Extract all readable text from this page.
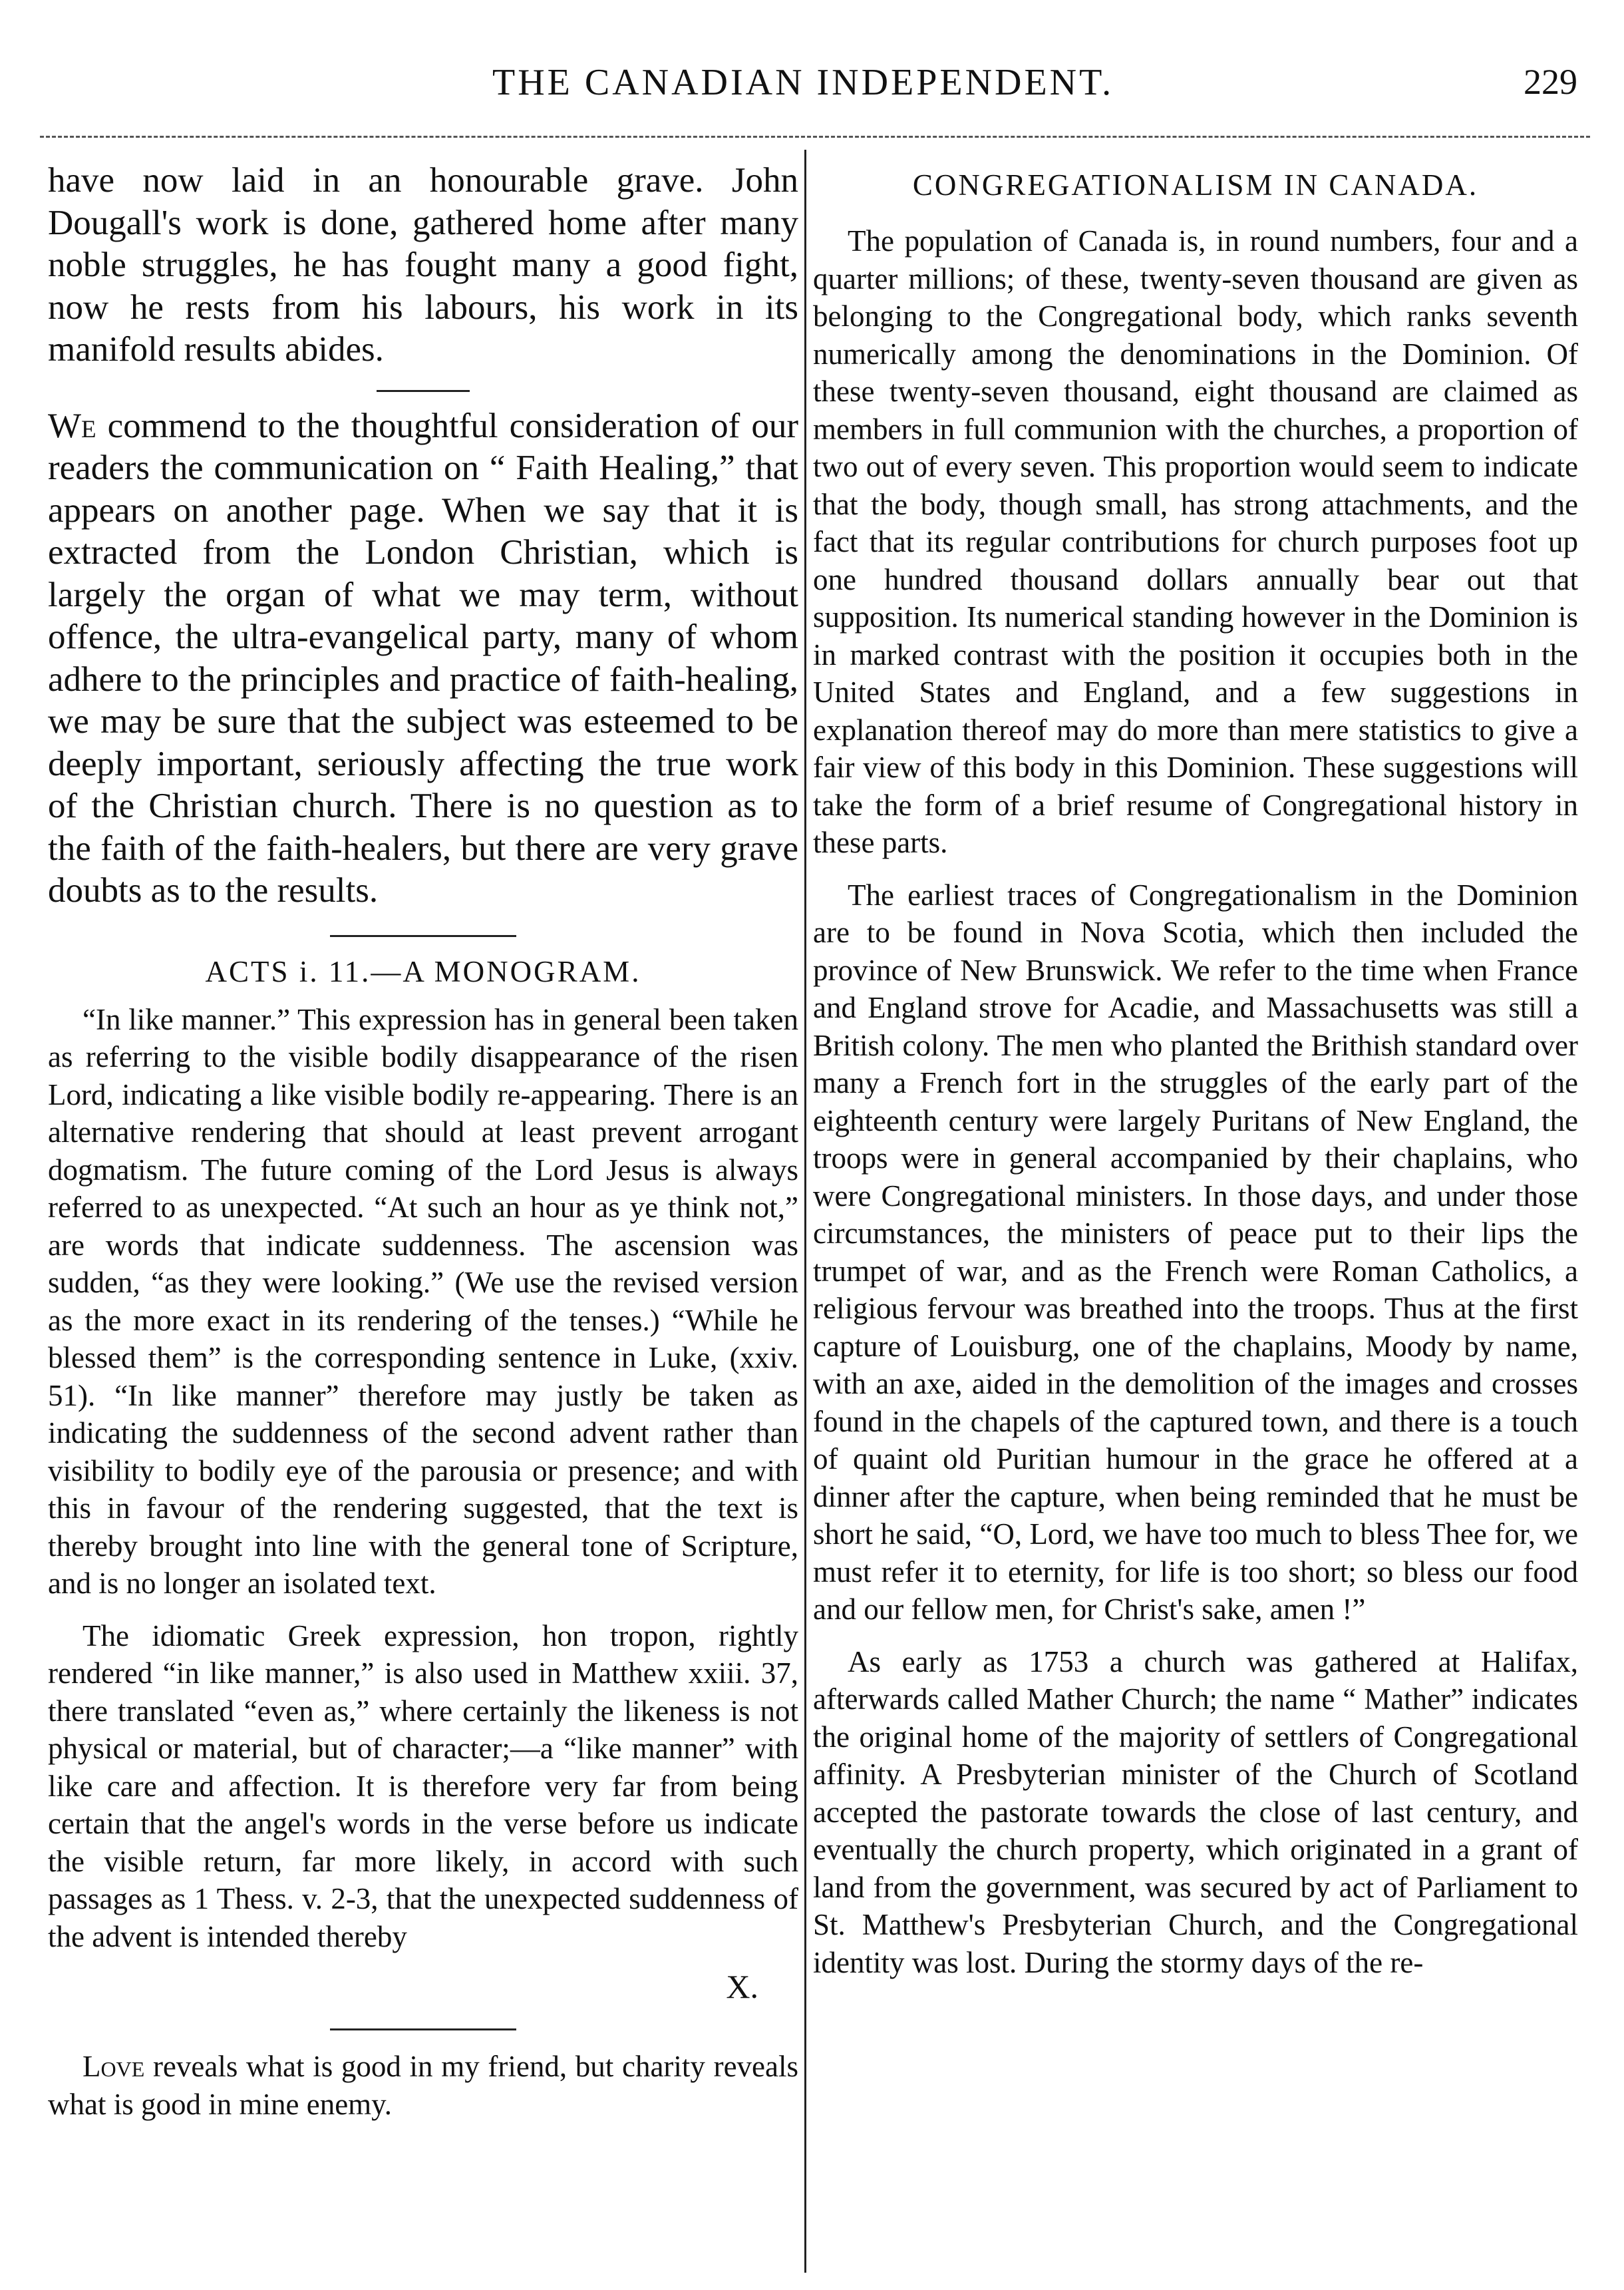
THE CANADIAN INDEPENDENT.	229

have now laid in an honourable grave. John Dougall's work is done, gathered home after many noble struggles, he has fought many a good fight, now he rests from his labours, his work in its manifold results abides.

We commend to the thoughtful consideration of our readers the communication on “ Faith Healing,” that appears on another page. When we say that it is extracted from the London Christian, which is largely the organ of what we may term, without offence, the ultra-evangelical party, many of whom adhere to the principles and practice of faith-healing, we may be sure that the subject was esteemed to be deeply important, seriously affecting the true work of the Christian church. There is no question as to the faith of the faith-healers, but there are very grave doubts as to the results.

ACTS i. 11.—A MONOGRAM.

“In like manner.” This expression has in general been taken as referring to the visible bodily disappearance of the risen Lord, indicating a like visible bodily re-appearing. There is an alternative rendering that should at least prevent arrogant dogmatism. The future coming of the Lord Jesus is always referred to as unexpected. “At such an hour as ye think not,” are words that indicate suddenness. The ascension was sudden, “as they were looking.” (We use the revised version as the more exact in its rendering of the tenses.) “While he blessed them” is the corresponding sentence in Luke, (xxiv. 51). “In like manner” therefore may justly be taken as indicating the suddenness of the second advent rather than visibility to bodily eye of the parousia or presence; and with this in favour of the rendering suggested, that the text is thereby brought into line with the general tone of Scripture, and is no longer an isolated text.

The idiomatic Greek expression, hon tropon, rightly rendered “in like manner,” is also used in Matthew xxiii. 37, there translated “even as,” where certainly the likeness is not physical or material, but of character;—a “like manner” with like care and affection. It is therefore very far from being certain that the angel's words in the verse before us indicate the visible return, far more likely, in accord with such passages as 1 Thess. v. 2-3, that the unexpected suddenness of the advent is intended thereby

X.

Love reveals what is good in my friend, but charity reveals what is good in mine enemy.

CONGREGATIONALISM IN CANADA.

The population of Canada is, in round numbers, four and a quarter millions; of these, twenty-seven thousand are given as belonging to the Congregational body, which ranks seventh numerically among the denominations in the Dominion. Of these twenty-seven thousand, eight thousand are claimed as members in full communion with the churches, a proportion of two out of every seven. This proportion would seem to indicate that the body, though small, has strong attachments, and the fact that its regular contributions for church purposes foot up one hundred thousand dollars annually bear out that supposition. Its numerical standing however in the Dominion is in marked contrast with the position it occupies both in the United States and England, and a few suggestions in explanation thereof may do more than mere statistics to give a fair view of this body in this Dominion. These suggestions will take the form of a brief resume of Congregational history in these parts.

The earliest traces of Congregationalism in the Dominion are to be found in Nova Scotia, which then included the province of New Brunswick. We refer to the time when France and England strove for Acadie, and Massachusetts was still a British colony. The men who planted the Brithish standard over many a French fort in the struggles of the early part of the eighteenth century were largely Puritans of New England, the troops were in general accompanied by their chaplains, who were Congregational ministers. In those days, and under those circumstances, the ministers of peace put to their lips the trumpet of war, and as the French were Roman Catholics, a religious fervour was breathed into the troops. Thus at the first capture of Louisburg, one of the chaplains, Moody by name, with an axe, aided in the demolition of the images and crosses found in the chapels of the captured town, and there is a touch of quaint old Puritian humour in the grace he offered at a dinner after the capture, when being reminded that he must be short he said, “O, Lord, we have too much to bless Thee for, we must refer it to eternity, for life is too short; so bless our food and our fellow men, for Christ's sake, amen !”

As early as 1753 a church was gathered at Halifax, afterwards called Mather Church; the name “ Mather” indicates the original home of the majority of settlers of Congregational affinity. A Presbyterian minister of the Church of Scotland accepted the pastorate towards the close of last century, and eventually the church property, which originated in a grant of land from the government, was secured by act of Parliament to St. Matthew's Presbyterian Church, and the Congregational identity was lost. During the stormy days of the re-
